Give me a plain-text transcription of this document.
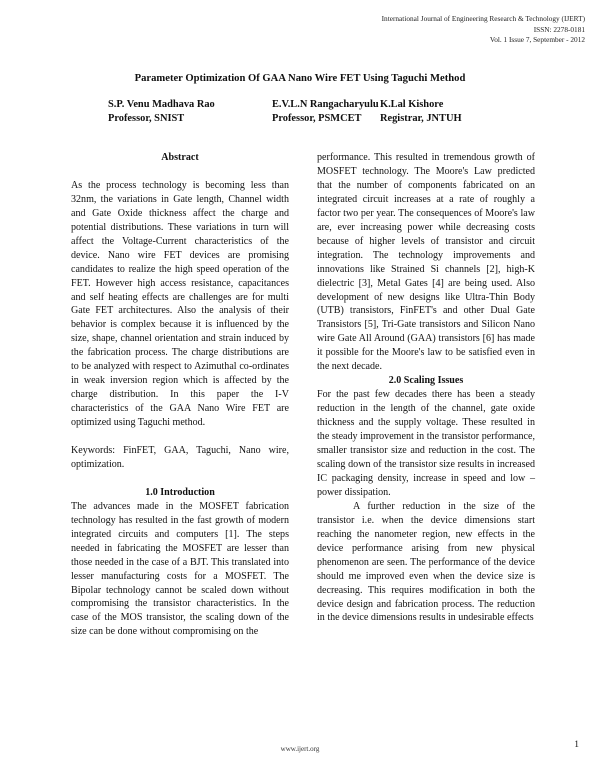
International Journal of Engineering Research & Technology (IJERT)
ISSN: 2278-0181
Vol. 1 Issue 7, September - 2012
Parameter Optimization Of GAA Nano Wire FET Using Taguchi Method
S.P. Venu Madhava Rao
Professor, SNIST
E.V.L.N Rangacharyulu
Professor, PSMCET
K.Lal Kishore
Registrar, JNTUH
Abstract

As the process technology is becoming less than 32nm, the variations in Gate length, Channel width and Gate Oxide thickness affect the charge and potential distributions. These variations in turn will affect the Voltage-Current characteristics of the device. Nano wire FET devices are promising candidates to realize the high speed operation of the FET. However high access resistance, capacitances and self heating effects are challenges are for multi Gate FET architectures. Also the analysis of their behavior is complex because it is influenced by the size, shape, channel orientation and strain induced by the fabrication process. The charge distributions are to be analyzed with respect to Azimuthal co-ordinates in weak inversion region which is affected by the charge distribution. In this paper the I-V characteristics of the GAA Nano Wire FET are optimized using Taguchi method.

Keywords: FinFET, GAA, Taguchi, Nano wire, optimization.

1.0 Introduction

The advances made in the MOSFET fabrication technology has resulted in the fast growth of modern integrated circuits and computers [1]. The steps needed in fabricating the MOSFET are lesser than those needed in the case of a BJT. This translated into lesser manufacturing costs for a MOSFET. The Bipolar technology cannot be scaled down without compromising the transistor characteristics. In the case of the MOS transistor, the scaling down of the size can be done without compromising on the

performance. This resulted in tremendous growth of MOSFET technology. The Moore's Law predicted that the number of components fabricated on an integrated circuit increases at a rate of roughly a factor two per year. The consequences of Moore's law are, ever increasing power while decreasing costs because of higher levels of transistor and circuit integration. The technology improvements and innovations like Strained Si channels [2], high-K dielectric [3], Metal Gates [4] are being used. Also development of new designs like Ultra-Thin Body (UTB) transistors, FinFET's and other Dual Gate Transistors [5], Tri-Gate transistors and Silicon Nano wire Gate All Around (GAA) transistors [6] has made it possible for the Moore's law to be satisfied even in the next decade.

2.0 Scaling Issues

For the past few decades there has been a steady reduction in the length of the channel, gate oxide thickness and the supply voltage. These resulted in the steady improvement in the transistor performance, smaller transistor size and reduction in the cost. The scaling down of the transistor size results in increased IC packaging density, increase in speed and low – power dissipation.

A further reduction in the size of the transistor i.e. when the device dimensions start reaching the nanometer region, new effects in the device performance arising from new physical phenomenon are seen. The performance of the device should me improved even when the device size is decreasing. This requires modification in both the device design and fabrication process. The reduction in the device dimensions results in undesirable effects

www.ijert.org	1
